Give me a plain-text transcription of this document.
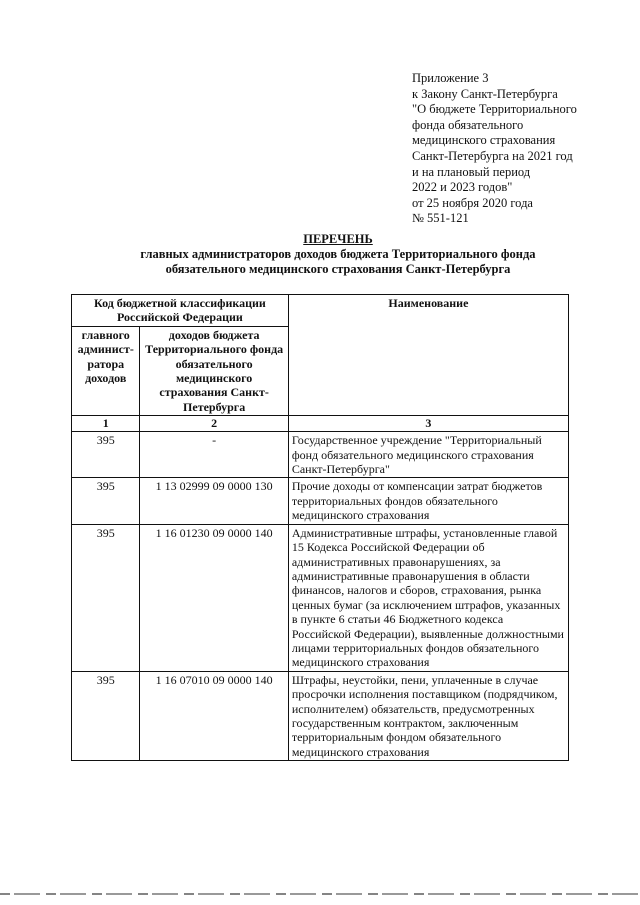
Приложение 3
к Закону Санкт-Петербурга
"О бюджете Территориального
фонда обязательного
медицинского страхования
Санкт-Петербурга на 2021 год
и на плановый период
2022 и 2023 годов"
от 25 ноября 2020 года
№ 551-121
ПЕРЕЧЕНЬ
главных администраторов доходов бюджета Территориального фонда
обязательного медицинского страхования Санкт-Петербурга
Код бюджетной классификации Российской Федерации		Наименование
главного админист-ратора доходов	доходов бюджета Территориального фонда обязательного медицинского страхования Санкт-Петербурга	
1	2	3
395	-	Государственное учреждение "Территориальный фонд обязательного медицинского страхования Санкт-Петербурга"
395	1 13 02999 09 0000 130	Прочие доходы от компенсации затрат бюджетов территориальных фондов обязательного медицинского страхования
395	1 16 01230 09 0000 140	Административные штрафы, установленные главой 15 Кодекса Российской Федерации об административных правонарушениях, за административные правонарушения в области финансов, налогов и сборов, страхования, рынка ценных бумаг (за исключением штрафов, указанных в пункте 6 статьи 46 Бюджетного кодекса Российской Федерации), выявленные должностными лицами территориальных фондов обязательного медицинского страхования
395	1 16 07010 09 0000 140	Штрафы, неустойки, пени, уплаченные в случае просрочки исполнения поставщиком (подрядчиком, исполнителем) обязательств, предусмотренных государственным контрактом, заключенным территориальным фондом обязательного медицинского страхования
